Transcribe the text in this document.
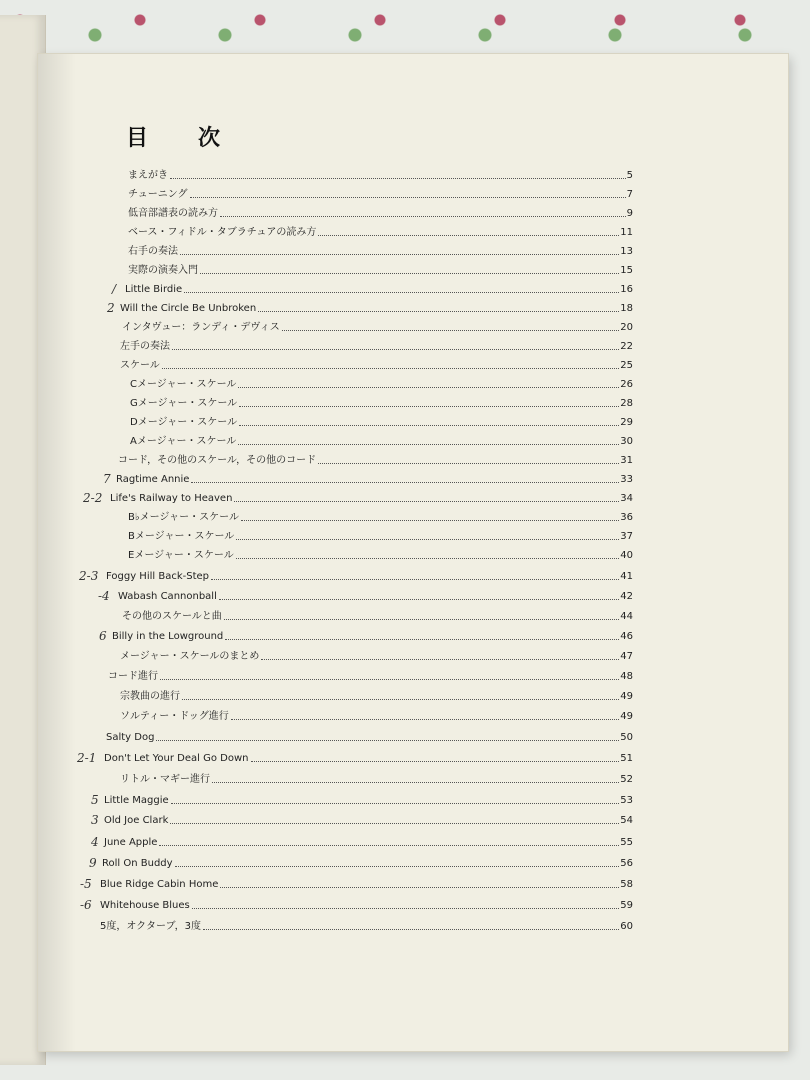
目　次
まえがき	5
チューニング	7
低音部譜表の読み方	9
ベース・フィドル・タブラチュアの読み方	11
右手の奏法	13
実際の演奏入門	15
/ Little Birdie	16
2 Will the Circle Be Unbroken	18
インタヴュー：ランディ・デヴィス	20
左手の奏法	22
スケール	25
Cメージャー・スケール	26
Gメージャー・スケール	28
Dメージャー・スケール	29
Aメージャー・スケール	30
コード，その他のスケール，その他のコード	31
7 Ragtime Annie	33
2-2 Life's Railway to Heaven	34
B♭メージャー・スケール	36
Bメージャー・スケール	37
Eメージャー・スケール	40
2-3 Foggy Hill Back-Step	41
-4 Wabash Cannonball	42
その他のスケールと曲	44
6 Billy in the Lowground	46
メージャー・スケールのまとめ	47
コード進行	48
宗教曲の進行	49
ソルティー・ドッグ進行	49
Salty Dog	50
2-1 Don't Let Your Deal Go Down	51
リトル・マギー進行	52
5 Little Maggie	53
3 Old Joe Clark	54
4 June Apple	55
9 Roll On Buddy	56
-5 Blue Ridge Cabin Home	58
-6 Whitehouse Blues	59
5度，オクターブ，3度	60
